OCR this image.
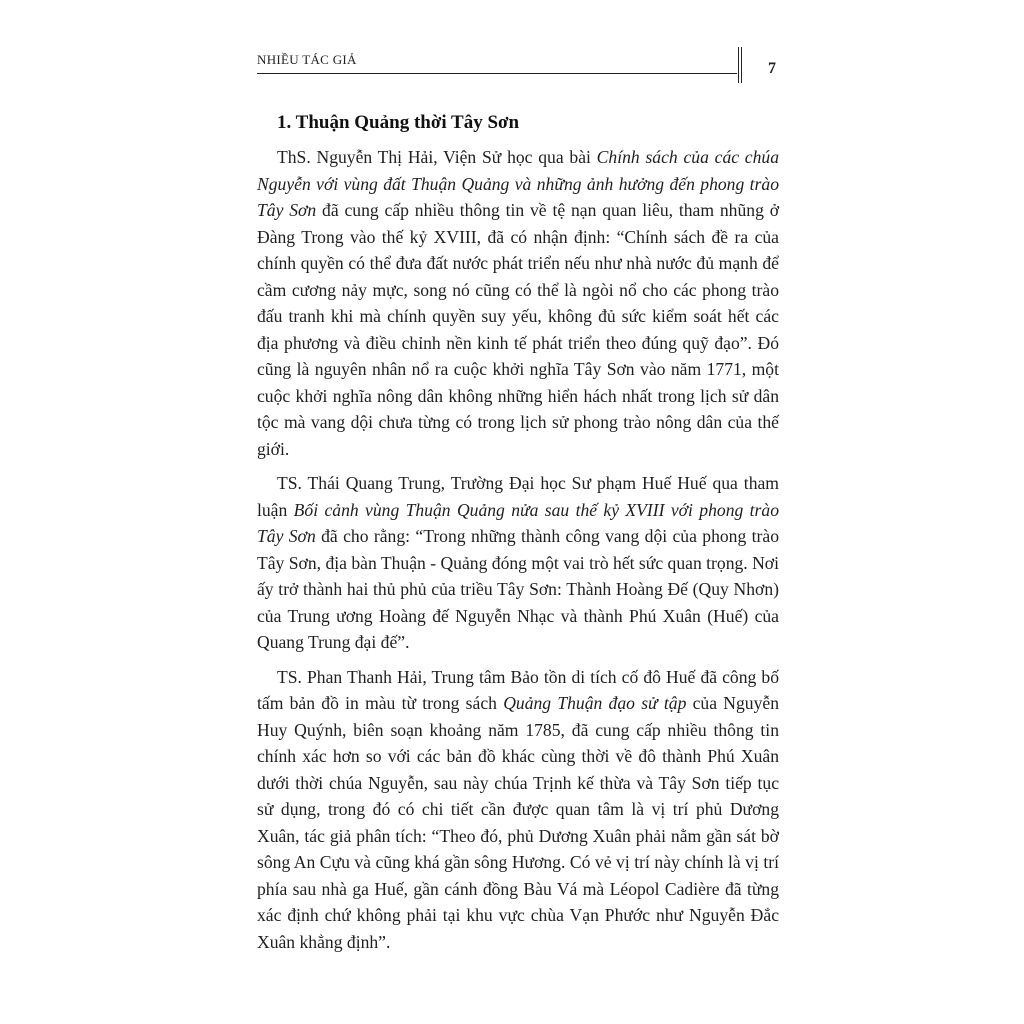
NHIỀU TÁC GIẢ
7
1. Thuận Quảng thời Tây Sơn

ThS. Nguyễn Thị Hải, Viện Sử học qua bài Chính sách của các chúa Nguyễn với vùng đất Thuận Quảng và những ảnh hưởng đến phong trào Tây Sơn đã cung cấp nhiều thông tin về tệ nạn quan liêu, tham nhũng ở Đàng Trong vào thế kỷ XVIII, đã có nhận định: “Chính sách đề ra của chính quyền có thể đưa đất nước phát triển nếu như nhà nước đủ mạnh để cầm cương nảy mực, song nó cũng có thể là ngòi nổ cho các phong trào đấu tranh khi mà chính quyền suy yếu, không đủ sức kiểm soát hết các địa phương và điều chỉnh nền kinh tế phát triển theo đúng quỹ đạo”. Đó cũng là nguyên nhân nổ ra cuộc khởi nghĩa Tây Sơn vào năm 1771, một cuộc khởi nghĩa nông dân không những hiển hách nhất trong lịch sử dân tộc mà vang dội chưa từng có trong lịch sử phong trào nông dân của thế giới.

TS. Thái Quang Trung, Trường Đại học Sư phạm Huế Huế qua tham luận Bối cảnh vùng Thuận Quảng nửa sau thế kỷ XVIII với phong trào Tây Sơn đã cho rằng: “Trong những thành công vang dội của phong trào Tây Sơn, địa bàn Thuận - Quảng đóng một vai trò hết sức quan trọng. Nơi ấy trở thành hai thủ phủ của triều Tây Sơn: Thành Hoàng Đế (Quy Nhơn) của Trung ương Hoàng đế Nguyễn Nhạc và thành Phú Xuân (Huế) của Quang Trung đại đế”.

TS. Phan Thanh Hải, Trung tâm Bảo tồn di tích cố đô Huế đã công bố tấm bản đồ in màu từ trong sách Quảng Thuận đạo sử tập của Nguyễn Huy Quýnh, biên soạn khoảng năm 1785, đã cung cấp nhiều thông tin chính xác hơn so với các bản đồ khác cùng thời về đô thành Phú Xuân dưới thời chúa Nguyễn, sau này chúa Trịnh kế thừa và Tây Sơn tiếp tục sử dụng, trong đó có chi tiết cần được quan tâm là vị trí phủ Dương Xuân, tác giả phân tích: “Theo đó, phủ Dương Xuân phải nằm gần sát bờ sông An Cựu và cũng khá gần sông Hương. Có vẻ vị trí này chính là vị trí phía sau nhà ga Huế, gần cánh đồng Bàu Vá mà Léopol Cadière đã từng xác định chứ không phải tại khu vực chùa Vạn Phước như Nguyễn Đắc Xuân khẳng định”.
